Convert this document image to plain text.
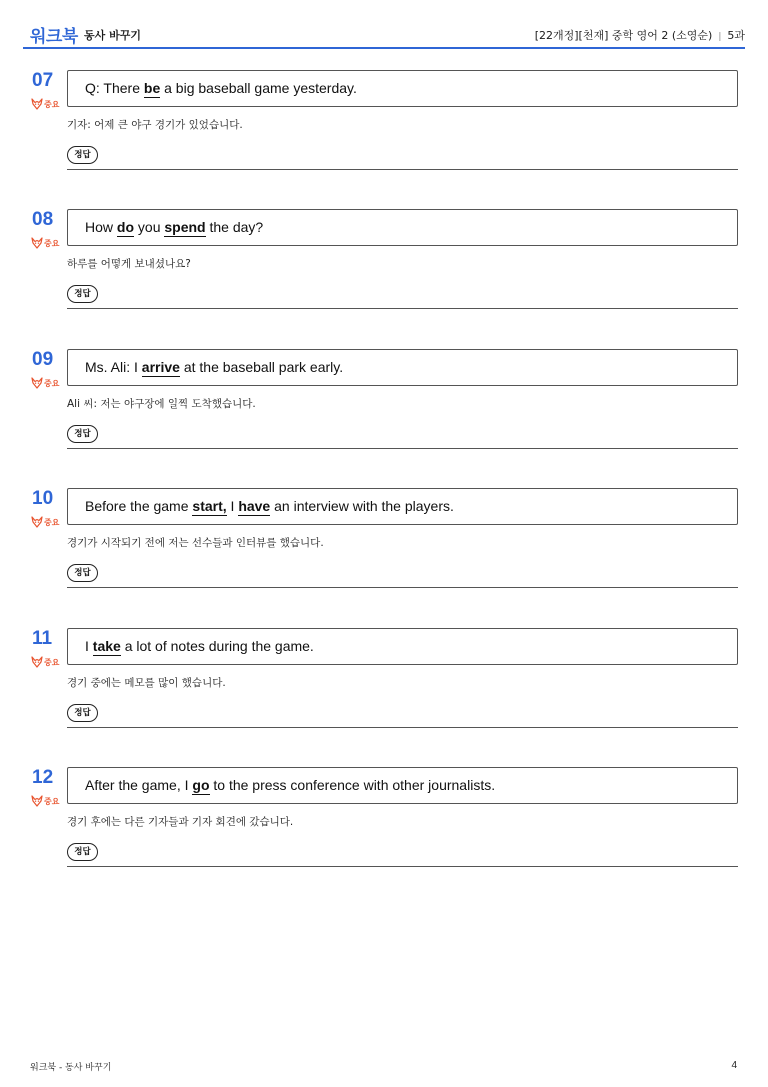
워크북 동사 바꾸기	[22개정][천재] 중학 영어 2 (소영순) | 5과
07
중요
Q: There be a big baseball game yesterday.
기자: 어제 큰 야구 경기가 있었습니다.
정답
08
중요
How do you spend the day?
하루를 어떻게 보내셨나요?
정답
09
중요
Ms. Ali: I arrive at the baseball park early.
Ali 씨: 저는 야구장에 일찍 도착했습니다.
정답
10
중요
Before the game start, I have an interview with the players.
경기가 시작되기 전에 저는 선수들과 인터뷰를 했습니다.
정답
11
중요
I take a lot of notes during the game.
경기 중에는 메모를 많이 했습니다.
정답
12
중요
After the game, I go to the press conference with other journalists.
경기 후에는 다른 기자들과 기자 회견에 갔습니다.
정답
워크북 - 동사 바꾸기	4
